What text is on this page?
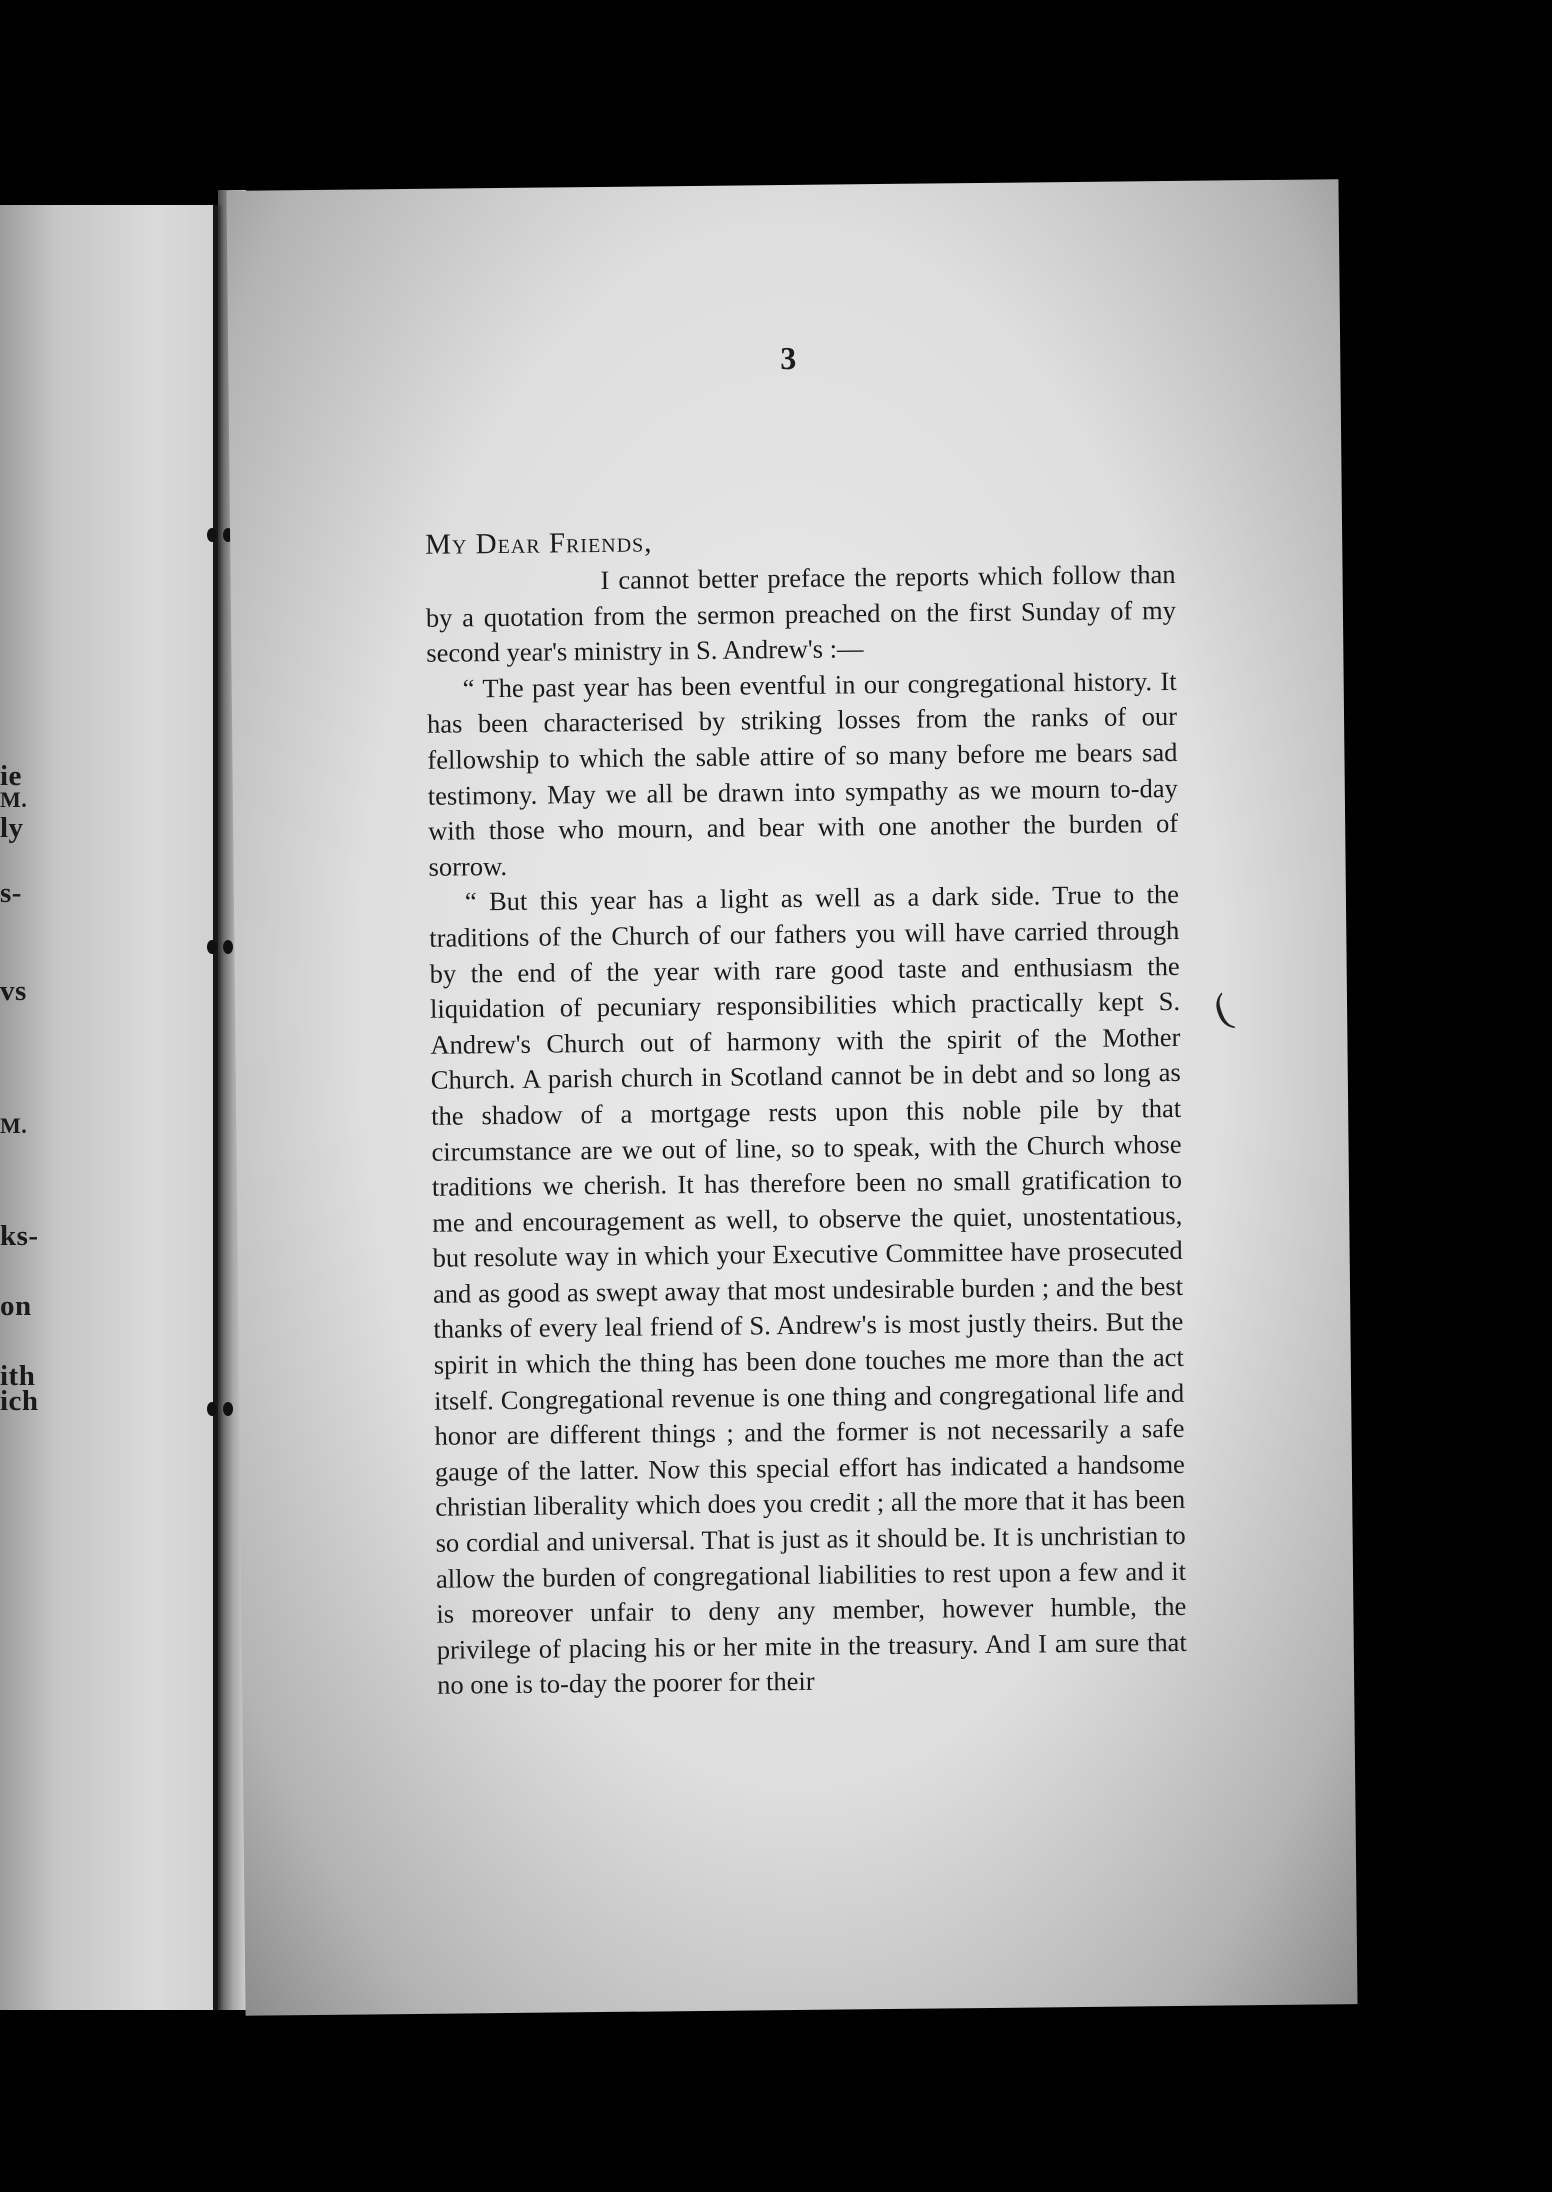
ie
M.
ly
s-
vs
M.
ks-
on
ith
ich
3
My Dear Friends,

I cannot better preface the reports which follow than by a quotation from the sermon preached on the first Sunday of my second year's ministry in S. Andrew's :—

“ The past year has been eventful in our congregational history. It has been characterised by striking losses from the ranks of our fellowship to which the sable attire of so many before me bears sad testimony. May we all be drawn into sympathy as we mourn to-day with those who mourn, and bear with one another the burden of sorrow.

“ But this year has a light as well as a dark side. True to the traditions of the Church of our fathers you will have carried through by the end of the year with rare good taste and enthusiasm the liquidation of pecuniary responsibilities which practically kept S. Andrew's Church out of harmony with the spirit of the Mother Church. A parish church in Scotland cannot be in debt and so long as the shadow of a mortgage rests upon this noble pile by that circumstance are we out of line, so to speak, with the Church whose traditions we cherish. It has therefore been no small gratification to me and encouragement as well, to observe the quiet, unostentatious, but resolute way in which your Executive Committee have prosecuted and as good as swept away that most undesirable burden ; and the best thanks of every leal friend of S. Andrew's is most justly theirs. But the spirit in which the thing has been done touches me more than the act itself. Congregational revenue is one thing and congregational life and honor are different things ; and the former is not necessarily a safe gauge of the latter. Now this special effort has indicated a handsome christian liberality which does you credit ; all the more that it has been so cordial and universal. That is just as it should be. It is unchristian to allow the burden of congregational liabilities to rest upon a few and it is moreover unfair to deny any member, however humble, the privilege of placing his or her mite in the treasury. And I am sure that no one is to-day the poorer for their

(
